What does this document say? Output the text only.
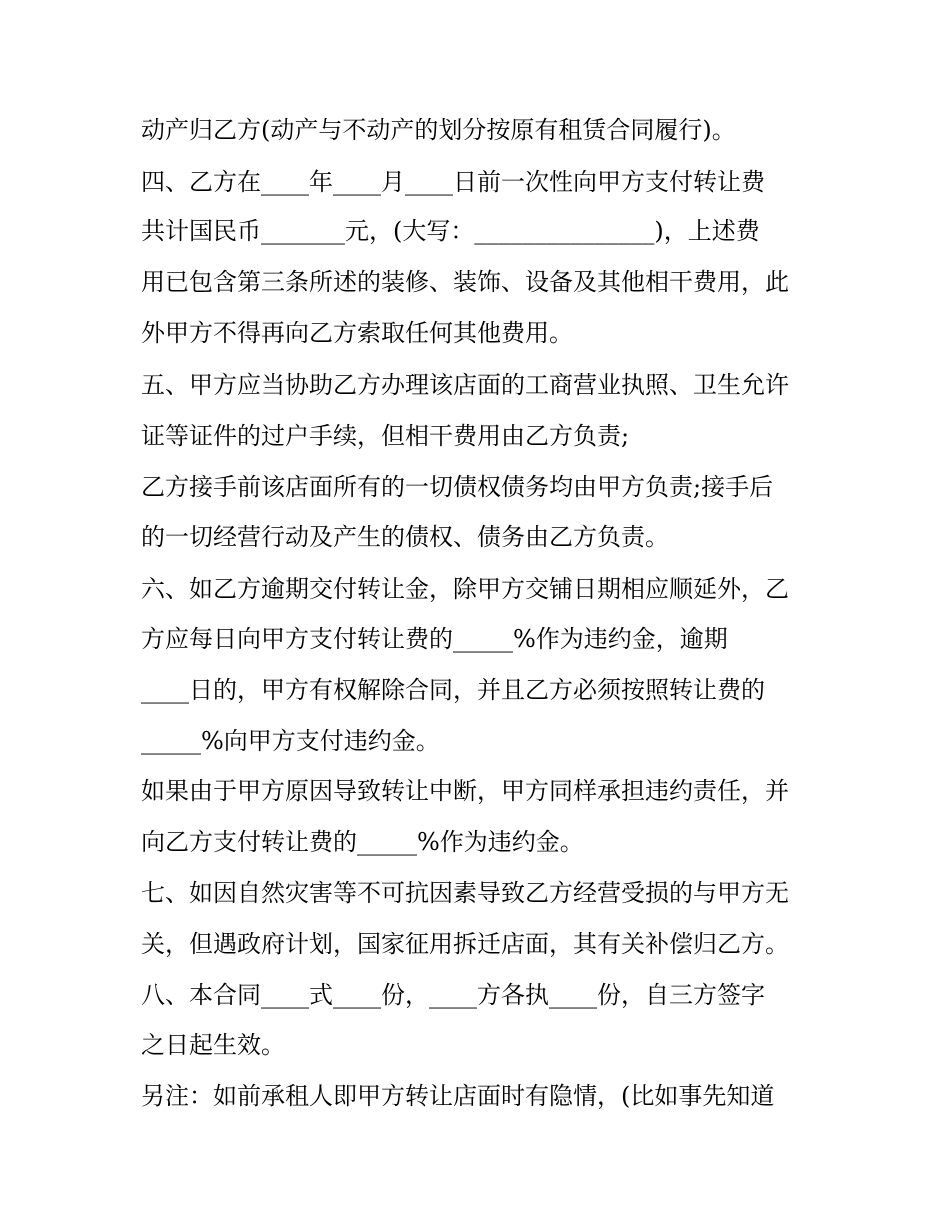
动产归乙方(动产与不动产的划分按原有租赁合同履行)。

四、乙方在____年____月____日前一次性向甲方支付转让费

共计国民币_______元，(大写：_______________)，上述费

用已包含第三条所述的装修、装饰、设备及其他相干费用，此

外甲方不得再向乙方索取任何其他费用。

五、甲方应当协助乙方办理该店面的工商营业执照、卫生允许

证等证件的过户手续，但相干费用由乙方负责;

乙方接手前该店面所有的一切债权债务均由甲方负责;接手后

的一切经营行动及产生的债权、债务由乙方负责。

六、如乙方逾期交付转让金，除甲方交铺日期相应顺延外，乙

方应每日向甲方支付转让费的_____%作为违约金，逾期

____日的，甲方有权解除合同，并且乙方必须按照转让费的

_____%向甲方支付违约金。

如果由于甲方原因导致转让中断，甲方同样承担违约责任，并

向乙方支付转让费的_____%作为违约金。

七、如因自然灾害等不可抗因素导致乙方经营受损的与甲方无

关，但遇政府计划，国家征用拆迁店面，其有关补偿归乙方。

八、本合同____式____份，____方各执____份，自三方签字

之日起生效。

另注：如前承租人即甲方转让店面时有隐情，(比如事先知道
